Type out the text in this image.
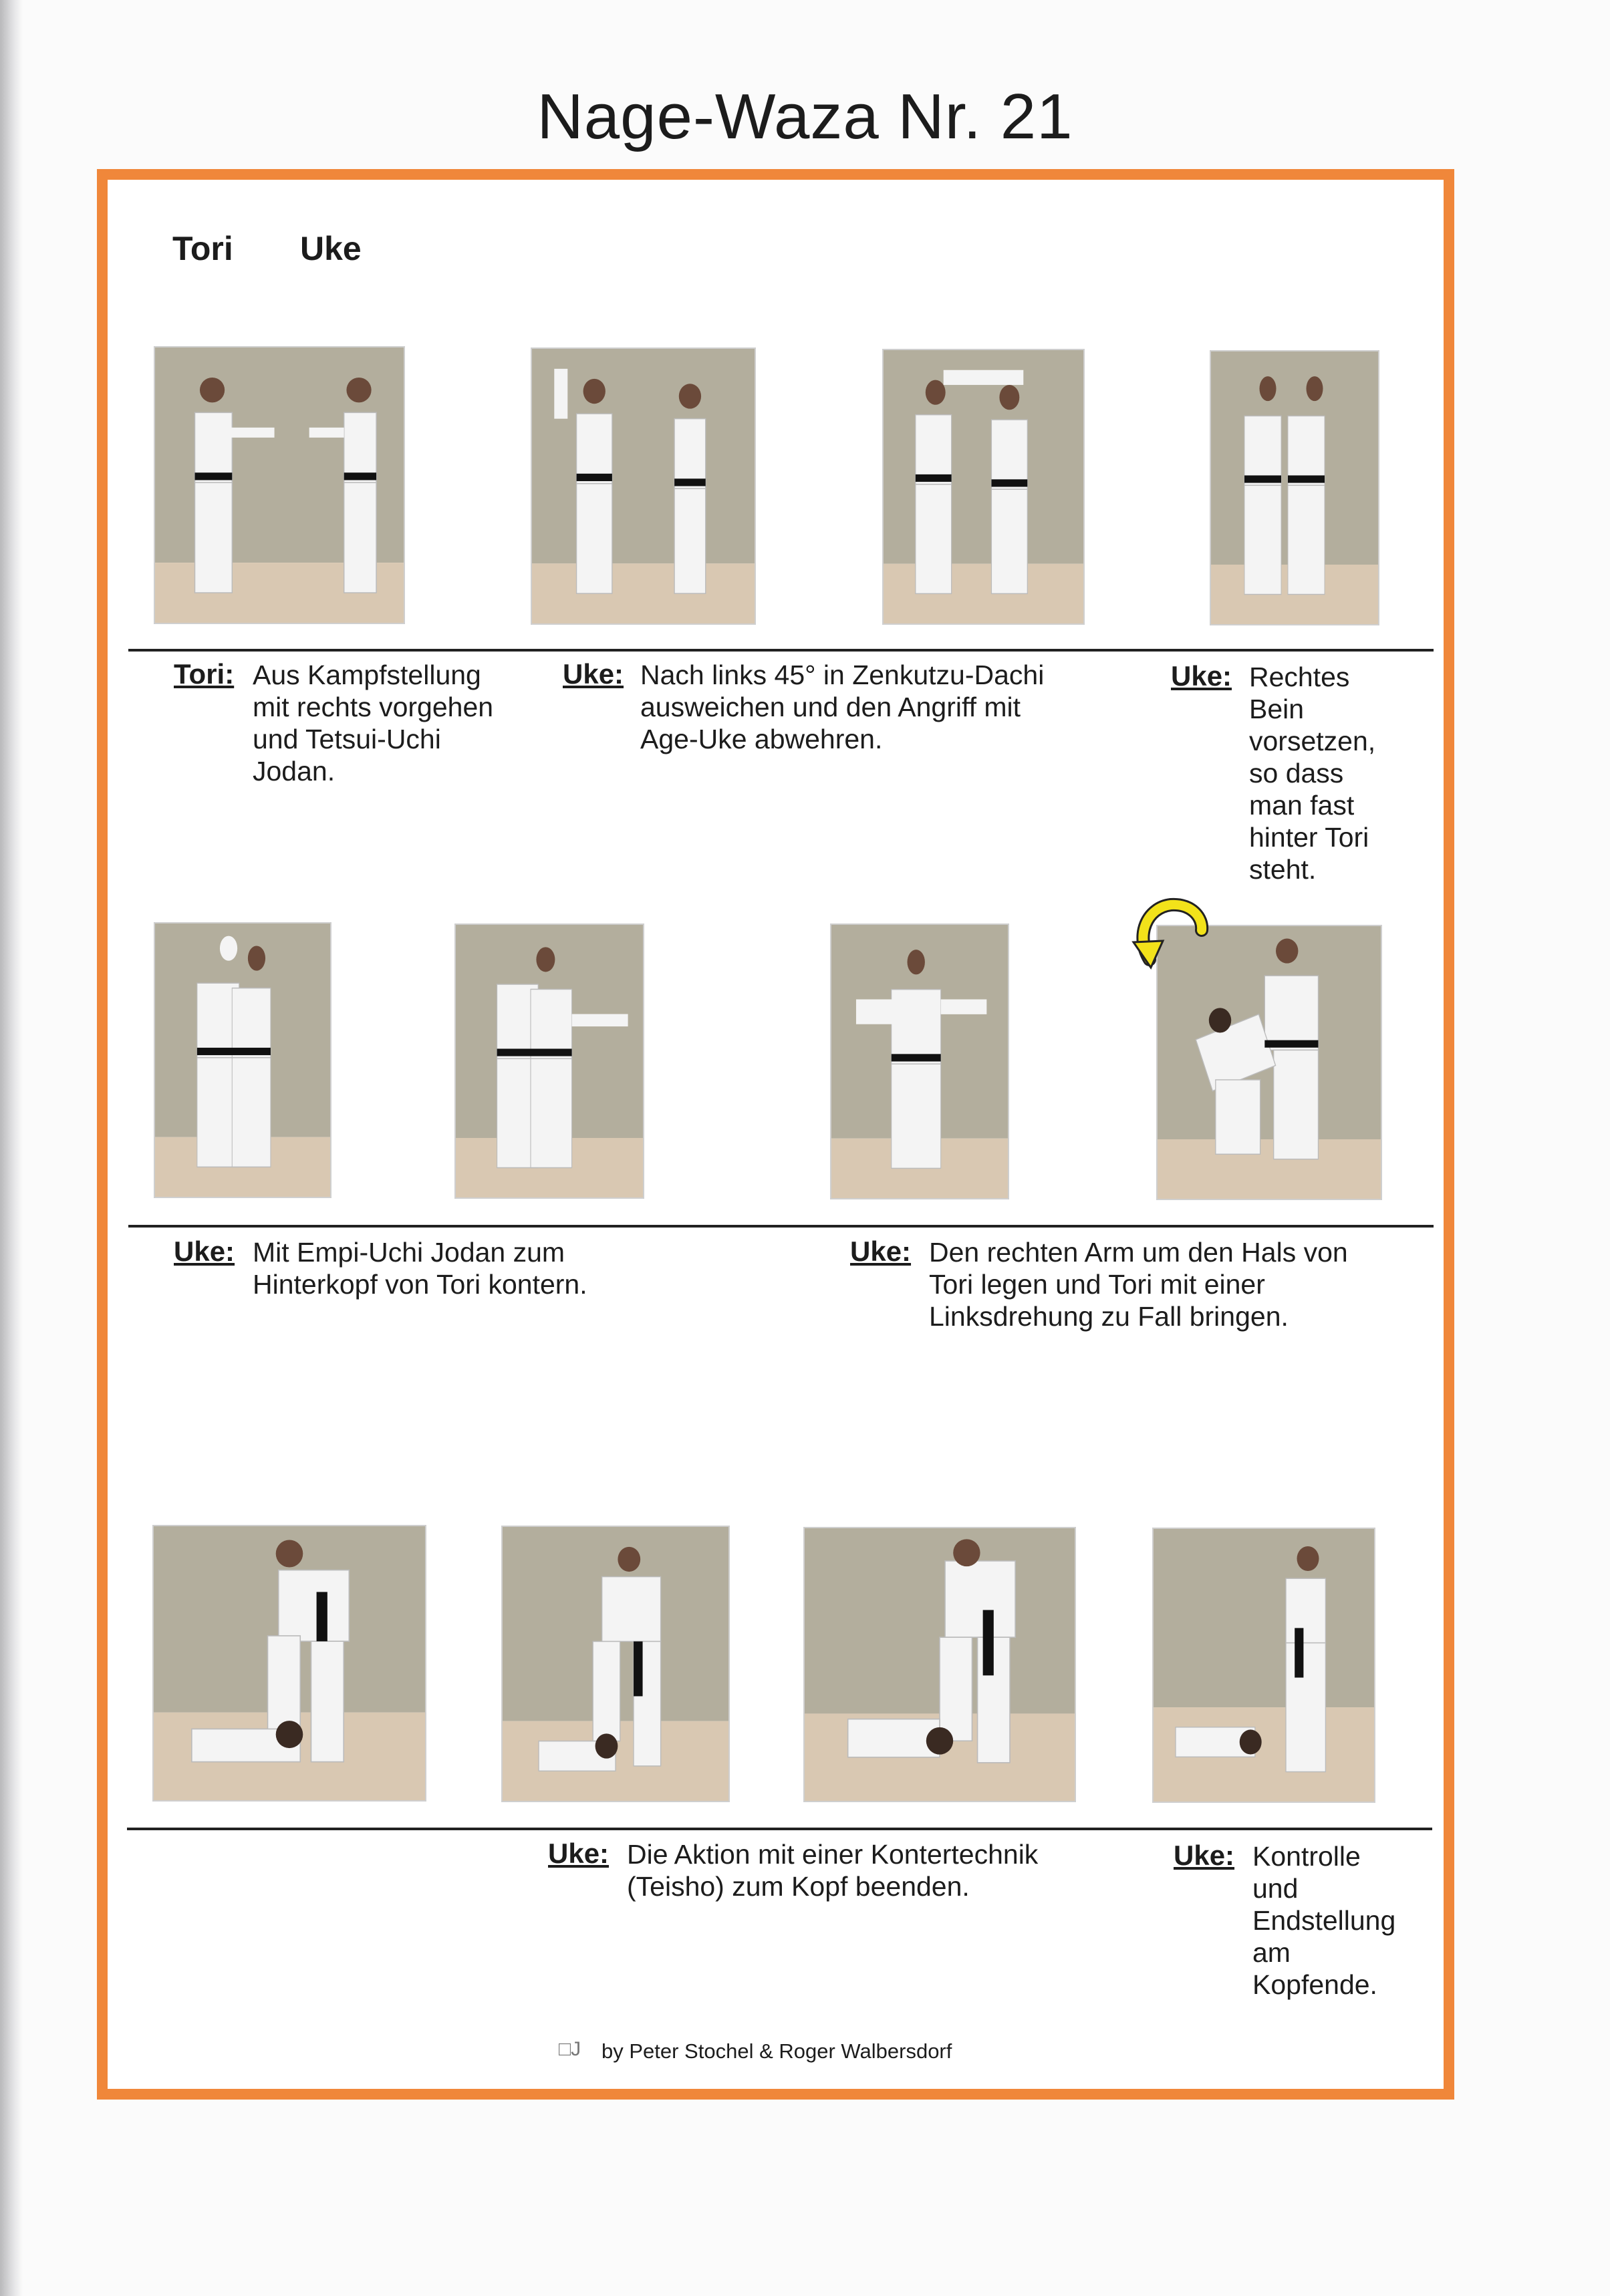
Nage-Waza Nr. 21
Tori Uke
Tori: Aus Kampfstellung
mit rechts vorgehen
und Tetsui-Uchi
Jodan.
Uke: Nach links 45° in Zenkutzu-Dachi
ausweichen und den Angriff mit
Age-Uke abwehren.
Uke: Rechtes
Bein
vorsetzen,
so dass
man fast
hinter Tori
steht.
Uke: Mit Empi-Uchi Jodan zum
Hinterkopf von Tori kontern.
Uke: Den rechten Arm um den Hals von
Tori legen und Tori mit einer
Linksdrehung zu Fall bringen.
Uke: Die Aktion mit einer Kontertechnik
(Teisho) zum Kopf beenden.
Uke: Kontrolle
und
Endstellung
am
Kopfende.
□J by Peter Stochel & Roger Walbersdorf
